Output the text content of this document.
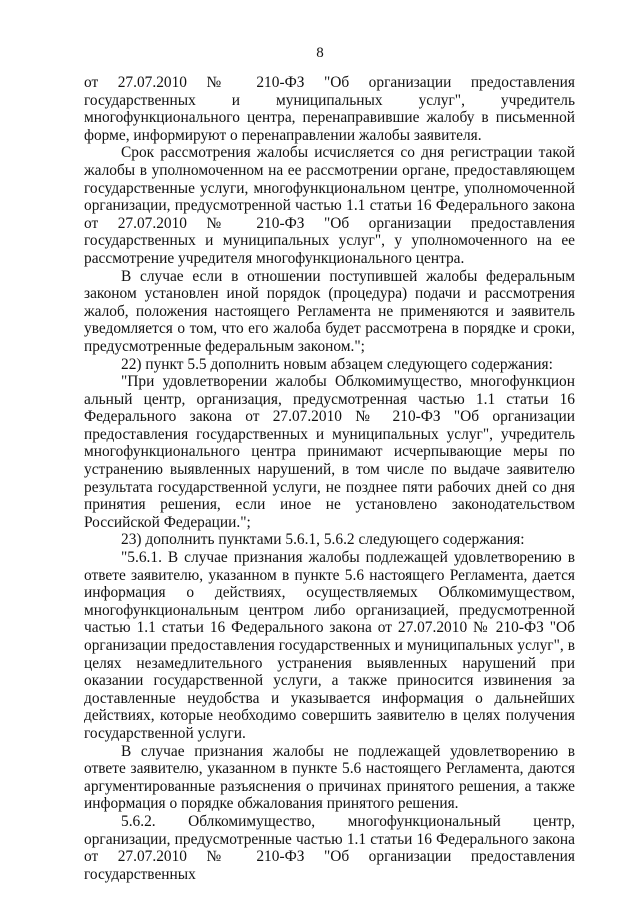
8

от 27.07.2010 № 210-ФЗ "Об организации предоставления государственных и муниципальных услуг", учредитель многофункционального центра, перенаправившие жалобу в письменной форме, информируют о перенаправлении жалобы заявителя.

Срок рассмотрения жалобы исчисляется со дня регистрации такой жалобы в уполномоченном на ее рассмотрении органе, предоставляющем государственные услуги, многофункциональном центре, уполномоченной организации, предусмотренной частью 1.1 статьи 16 Федерального закона от 27.07.2010 № 210-ФЗ "Об организации предоставления государственных и муниципальных услуг", у уполномоченного на ее рассмотрение учредителя многофункционального центра.

В случае если в отношении поступившей жалобы федеральным законом установлен иной порядок (процедура) подачи и рассмотрения жалоб, положения настоящего Регламента не применяются и заявитель уведомляется о том, что его жалоба будет рассмотрена в порядке и сроки, предусмотренные федеральным законом.";

22) пункт 5.5 дополнить новым абзацем следующего содержания:

"При удовлетворении жалобы Облкомимущество, многофункцион альный центр, организация, предусмотренная частью 1.1 статьи 16 Федерального закона от 27.07.2010 № 210-ФЗ "Об организации предоставления государственных и муниципальных услуг", учредитель многофункционального центра принимают исчерпывающие меры по устранению выявленных нарушений, в том числе по выдаче заявителю результата государственной услуги, не позднее пяти рабочих дней со дня принятия решения, если иное не установлено законодательством Российской Федерации.";

23) дополнить пунктами 5.6.1, 5.6.2 следующего содержания:

"5.6.1. В случае признания жалобы подлежащей удовлетворению в ответе заявителю, указанном в пункте 5.6 настоящего Регламента, дается информация о действиях, осуществляемых Облкомимуществом, многофункциональным центром либо организацией, предусмотренной частью 1.1 статьи 16 Федерального закона от 27.07.2010 № 210-ФЗ "Об организации предоставления государственных и муниципальных услуг", в целях незамедлительного устранения выявленных нарушений при оказании государственной услуги, а также приносится извинения за доставленные неудобства и указывается информация о дальнейших действиях, которые необходимо совершить заявителю в целях получения государственной услуги.

В случае признания жалобы не подлежащей удовлетворению в ответе заявителю, указанном в пункте 5.6 настоящего Регламента, даются аргументированные разъяснения о причинах принятого решения, а также информация о порядке обжалования принятого решения.

5.6.2. Облкомимущество, многофункциональный центр, организации, предусмотренные частью 1.1 статьи 16 Федерального закона от 27.07.2010 № 210-ФЗ "Об организации предоставления государственных
